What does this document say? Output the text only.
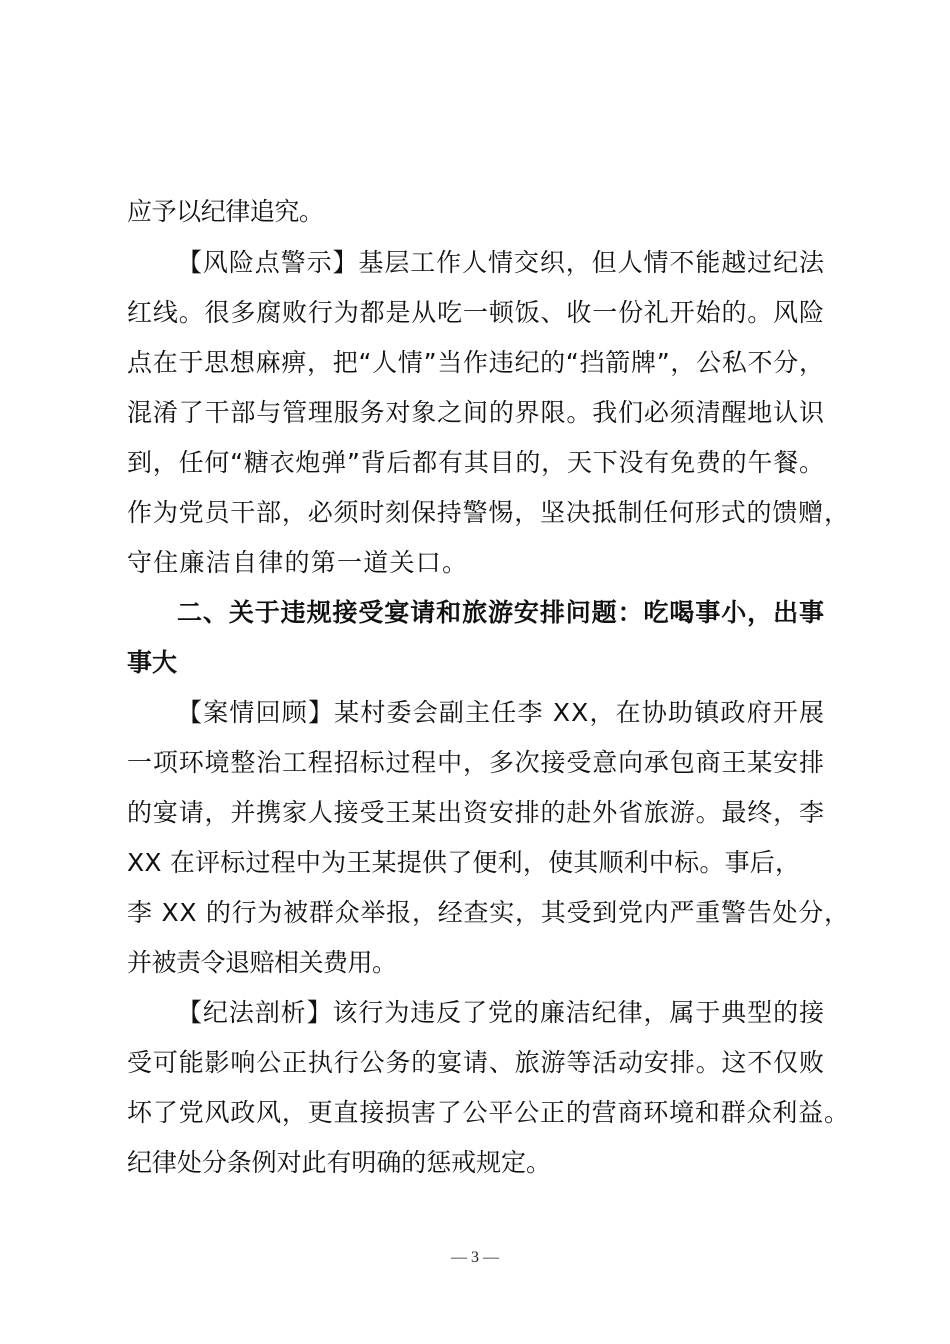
应予以纪律追究。

【风险点警示】基层工作人情交织，但人情不能越过纪法

红线。很多腐败行为都是从吃一顿饭、收一份礼开始的。风险

点在于思想麻痹，把“人情”当作违纪的“挡箭牌”，公私不分，

混淆了干部与管理服务对象之间的界限。我们必须清醒地认识

到，任何“糖衣炮弹”背后都有其目的，天下没有免费的午餐。

作为党员干部，必须时刻保持警惕，坚决抵制任何形式的馈赠，

守住廉洁自律的第一道关口。

二、关于违规接受宴请和旅游安排问题：吃喝事小，出事

事大

【案情回顾】某村委会副主任李 XX，在协助镇政府开展

一项环境整治工程招标过程中，多次接受意向承包商王某安排

的宴请，并携家人接受王某出资安排的赴外省旅游。最终，李

XX 在评标过程中为王某提供了便利，使其顺利中标。事后，

李 XX 的行为被群众举报，经查实，其受到党内严重警告处分，

并被责令退赔相关费用。

【纪法剖析】该行为违反了党的廉洁纪律，属于典型的接

受可能影响公正执行公务的宴请、旅游等活动安排。这不仅败

坏了党风政风，更直接损害了公平公正的营商环境和群众利益。

纪律处分条例对此有明确的惩戒规定。

— 3 —
